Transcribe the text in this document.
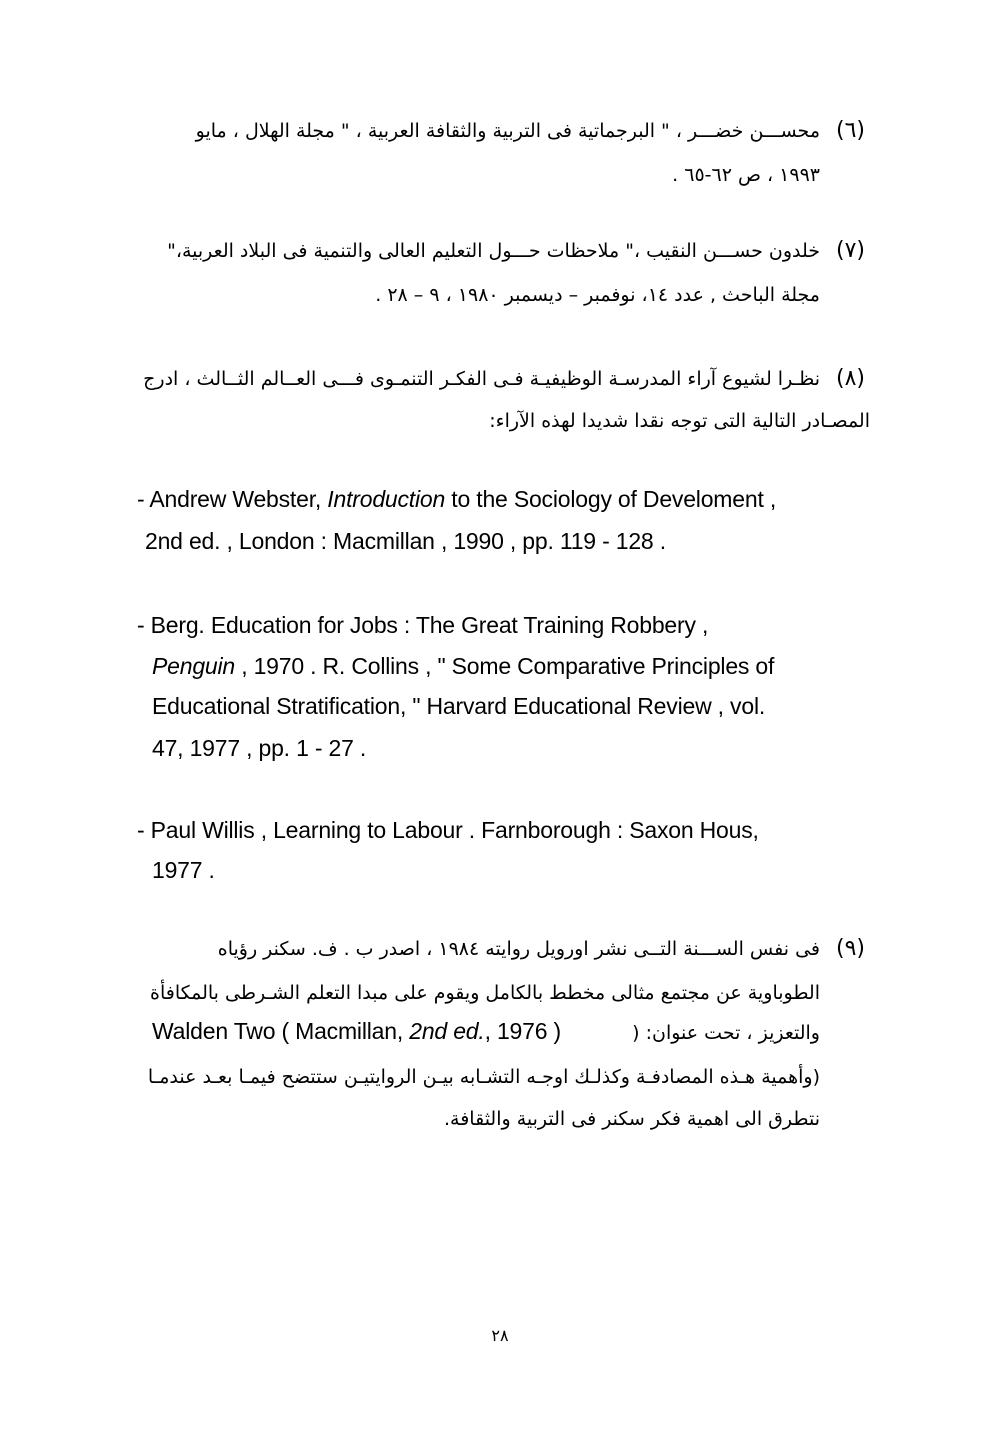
(٦)
محســـن خضـــر ، " البرجماتية فى التربية والثقافة العربية ، " مجلة الهلال ، مايو
١٩٩٣ ، ص ٦٢-٦٥ .
(٧)
خلدون حســـن النقيب ،" ملاحظات حـــول التعليم العالى والتنمية فى البلاد العربية،"
مجلة الباحث , عدد ١٤، نوفمبر – ديسمبر ١٩٨٠ ، ٩ – ٢٨ .
(٨)
نظـرا لشيوع آراء المدرسـة الوظيفيـة فـى الفكـر التنمـوى فـــى العــالم الثــالث ، ادرج
المصـادر التالية التى توجه نقدا شديدا لهذه الآراء:
- Andrew Webster, Introduction to the Sociology of Develoment ,
2nd ed. , London : Macmillan , 1990 , pp. 119 - 128 .
- Berg. Education for Jobs : The Great Training Robbery ,
Penguin , 1970 . R. Collins , " Some Comparative Principles of
Educational Stratification, " Harvard Educational Review , vol.
47, 1977 , pp. 1 - 27 .
- Paul Willis , Learning to Labour . Farnborough : Saxon Hous,
1977 .
(٩)
فى نفس الســـنة التــى نشر اورويل روايته ١٩٨٤ ، اصدر ب . ف. سكنر رؤياه
الطوباوية عن مجتمع مثالى مخطط بالكامل ويقوم على مبدا التعلم الشـرطى بالمكافأة
والتعزيز ، تحت عنوان: (
Walden Two ( Macmillan, 2nd ed., 1976 )
(وأهمية هـذه المصادفـة وكذلـك اوجـه التشـابه بيـن الروايتيـن ستتضح فيمـا بعـد عندمـا
نتطرق الى اهمية فكر سكنر فى التربية والثقافة.
٢٨
